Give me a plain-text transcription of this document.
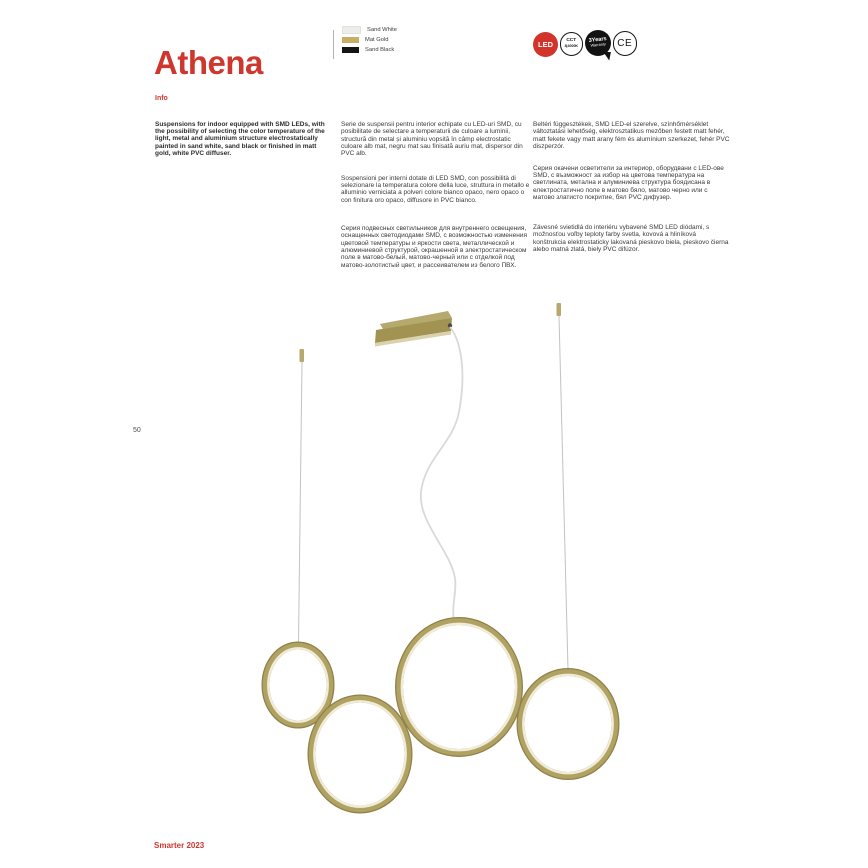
Athena
Sand White
Mat Gold
Sand Black
LED	CCT
3|4000K
3Years
Warranty CE
Info

Suspensions for indoor equipped with SMD LEDs, with the possibility of selecting the color temperature of the light, metal and aluminium structure electrostatically painted in sand white, sand black or finished in matt gold, white PVC diffuser.

Serie de suspensii pentru interior echipate cu LED-uri SMD, cu posibilitate de selectare a temperaturii de culoare a luminii, structură din metal și aluminiu vopsită în câmp electrostatic culoare alb mat, negru mat sau finisată auriu mat, dispersor din PVC alb.

Sospensioni per interni dotate di LED SMD, con possibilità di selezionare la temperatura colore della luce, struttura in metallo e alluminio verniciata a polveri colore bianco opaco, nero opaco o con finitura oro opaco, diffusore in PVC bianco.

Серия подвесных светильников для внутреннего освещения, оснащенных светодиодами SMD, с возможностью изменения цветовой температуры и яркости света, металлической и алюминиевой структурой, окрашенной в электростатическом поле в матово-белый, матово-черный или с отделкой под матово-золотистый цвет, и рассеивателем из белого ПВХ.

Beltéri függesztékek, SMD LED-el szerelve, színhőmérséklet változtatási lehetőség, elektrosztatikus mezőben festett matt fehér, matt fekete vagy matt arany fém és alumínium szerkezet, fehér PVC diszperzór.

Серия окачени осветители за интериор, оборудвани с LED-ове SMD, с възможност за избор на цветова температура на светлината, метална и алуминиева структура боядисана в електростатично поле в матово бяло, матово черно или с матово златисто покритие, бял PVC дифузер.

Závesné svietidlá do interiéru vybavené SMD LED diódami, s možnosťou voľby teploty farby svetla, kovová a hliníková konštrukcia elektrostaticky lakovaná pieskovo biela, pieskovo čierna alebo matná zlatá, biely PVC difúzor.

50
Smarter 2023
